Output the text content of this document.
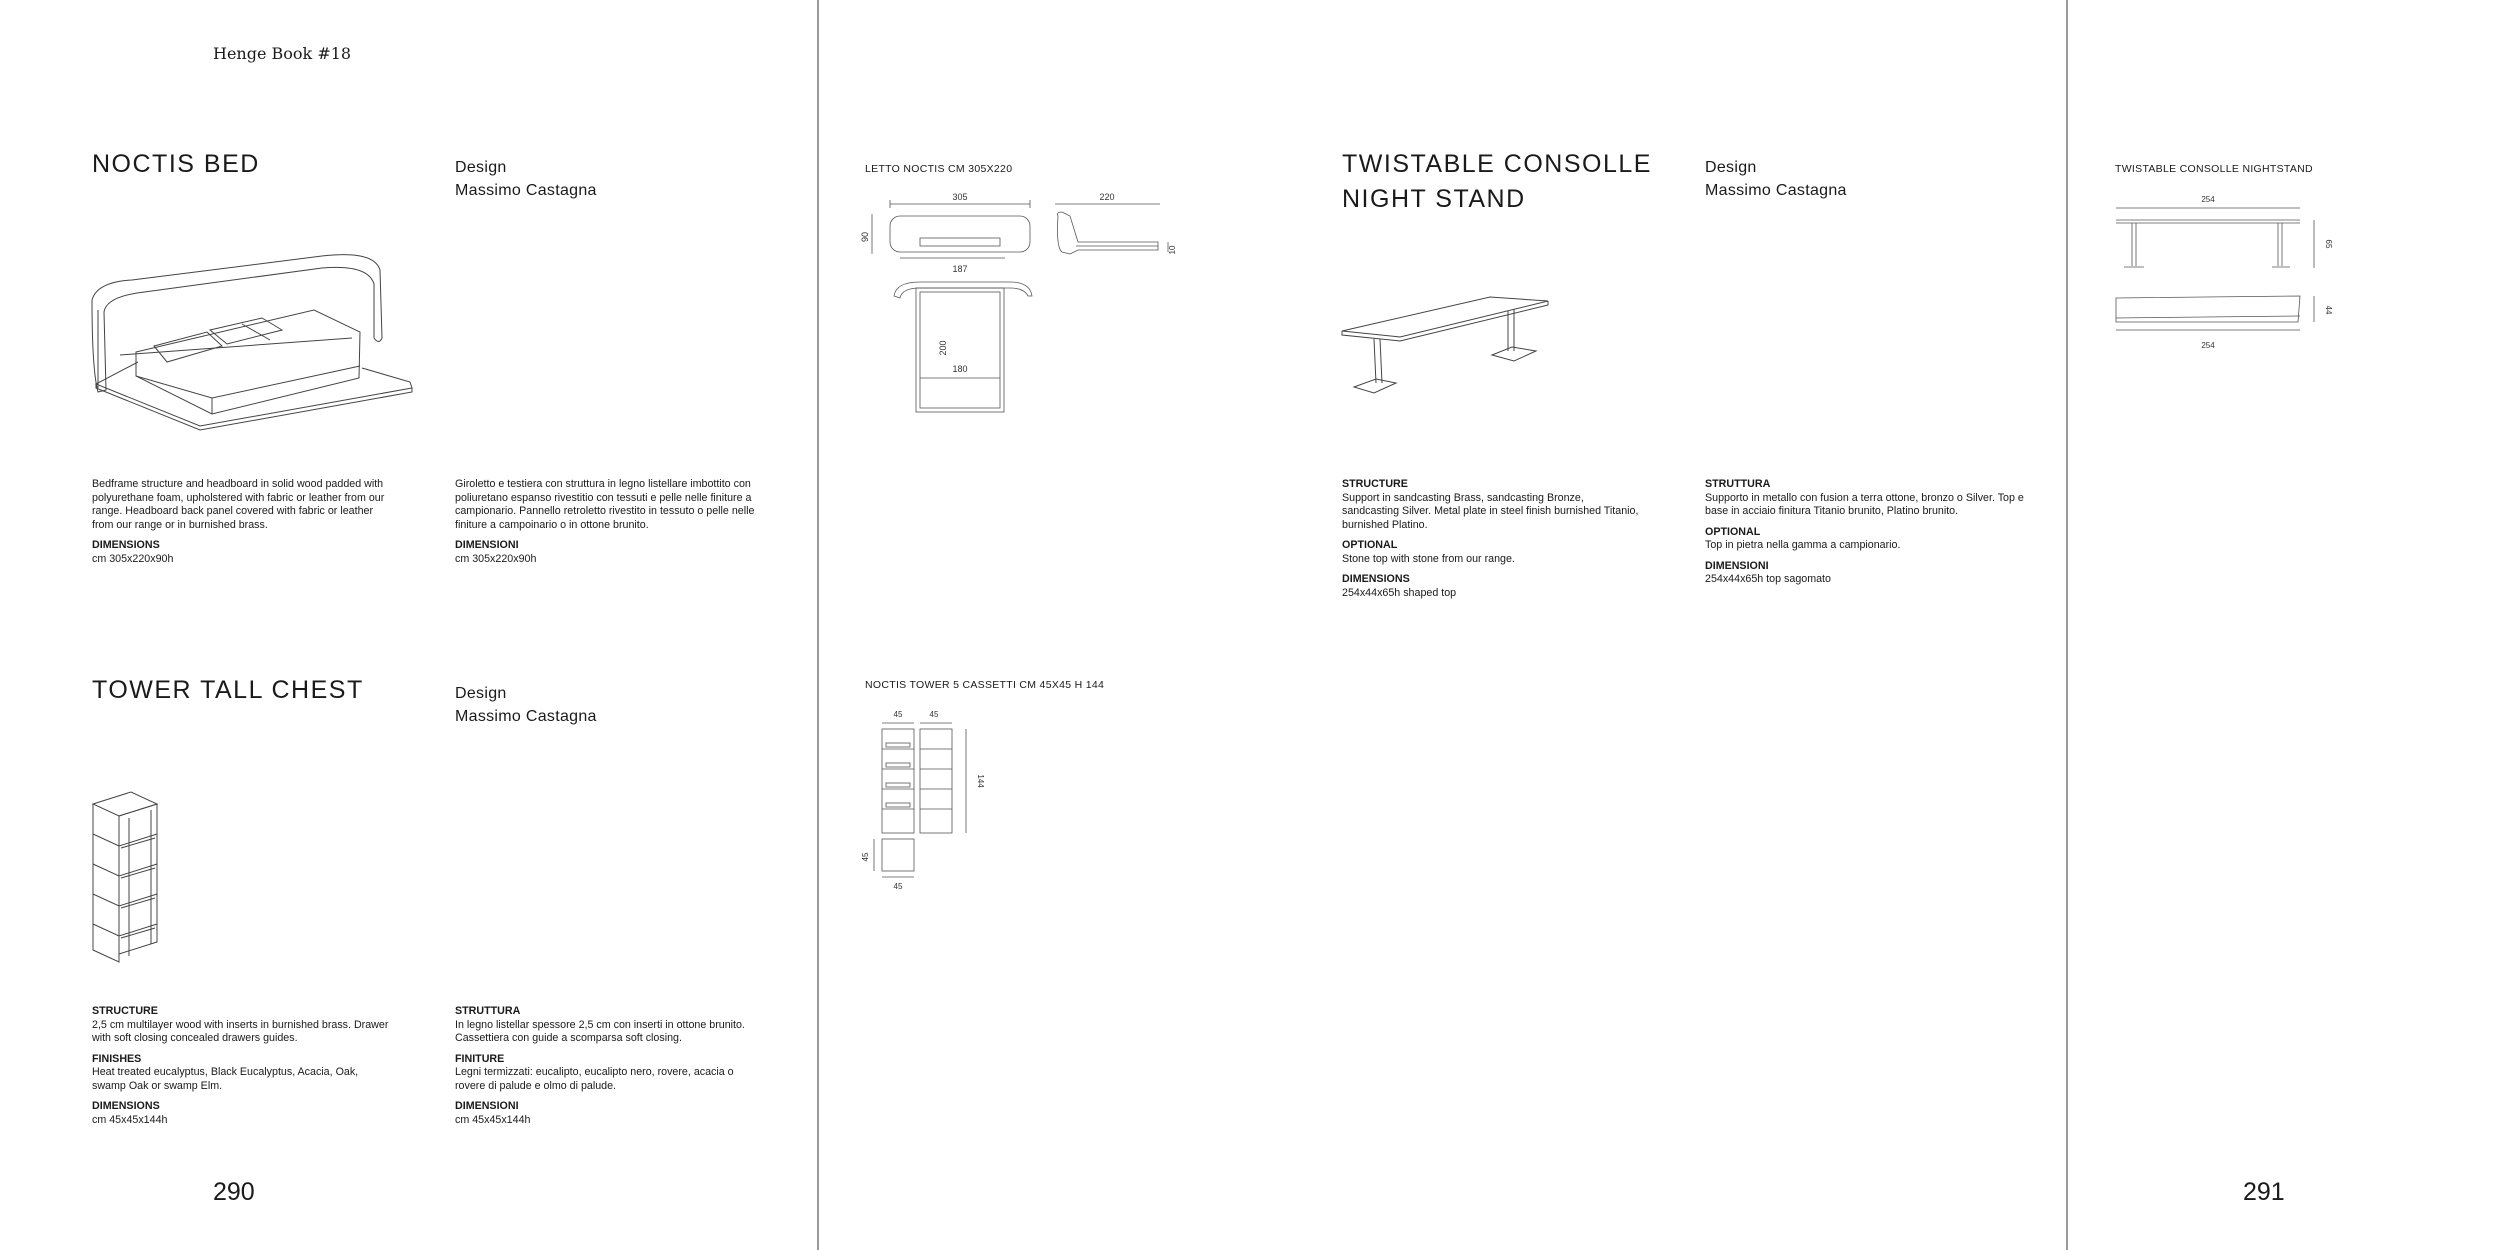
Henge Book #18
NOCTIS BED	Design
Massimo Castagna

Bedframe structure and headboard in solid wood padded with polyurethane foam, upholstered with fabric or leather from our range. Headboard back panel covered with fabric or leather from our range or in burnished brass.

DIMENSIONS
cm 305x220x90h

Giroletto e testiera con struttura in legno listellare imbottito con poliuretano espanso rivestitio con tessuti e pelle nelle finiture a campionario. Pannello retroletto rivestito in tessuto o pelle nelle finiture a campoinario o in ottone brunito.

DIMENSIONI
cm 305x220x90h
TOWER TALL CHEST	Design
Massimo Castagna
STRUCTURE

2,5 cm multilayer wood with inserts in burnished brass. Drawer with soft closing concealed drawers guides.

FINISHES

Heat treated eucalyptus, Black Eucalyptus, Acacia, Oak, swamp Oak or swamp Elm.

DIMENSIONS
cm 45x45x144h
STRUTTURA

In legno listellar spessore 2,5 cm con inserti in ottone brunito. Cassettiera con guide a scomparsa soft closing.

FINITURE

Legni termizzati: eucalipto, eucalipto nero, rovere, acacia o rovere di palude e olmo di palude.

DIMENSIONI
cm 45x45x144h
290
LETTO NOCTIS CM 305X220
305
90
187
220
10
200
180
NOCTIS TOWER 5 CASSETTI CM 45X45 H 144
45	45
144
45
45
TWISTABLE CONSOLLE
NIGHT STAND
Design
Massimo Castagna
STRUCTURE

Support in sandcasting Brass, sandcasting Bronze, sandcasting Silver. Metal plate in steel finish burnished Titanio, burnished Platino.

OPTIONAL

Stone top with stone from our range.

DIMENSIONS
254x44x65h shaped top
STRUTTURA

Supporto in metallo con fusion a terra ottone, bronzo o Silver. Top e base in acciaio finitura Titanio brunito, Platino brunito.

OPTIONAL

Top in pietra nella gamma a campionario.

DIMENSIONI
254x44x65h top sagomato
TWISTABLE CONSOLLE NIGHTSTAND
254
65
44
254
291
